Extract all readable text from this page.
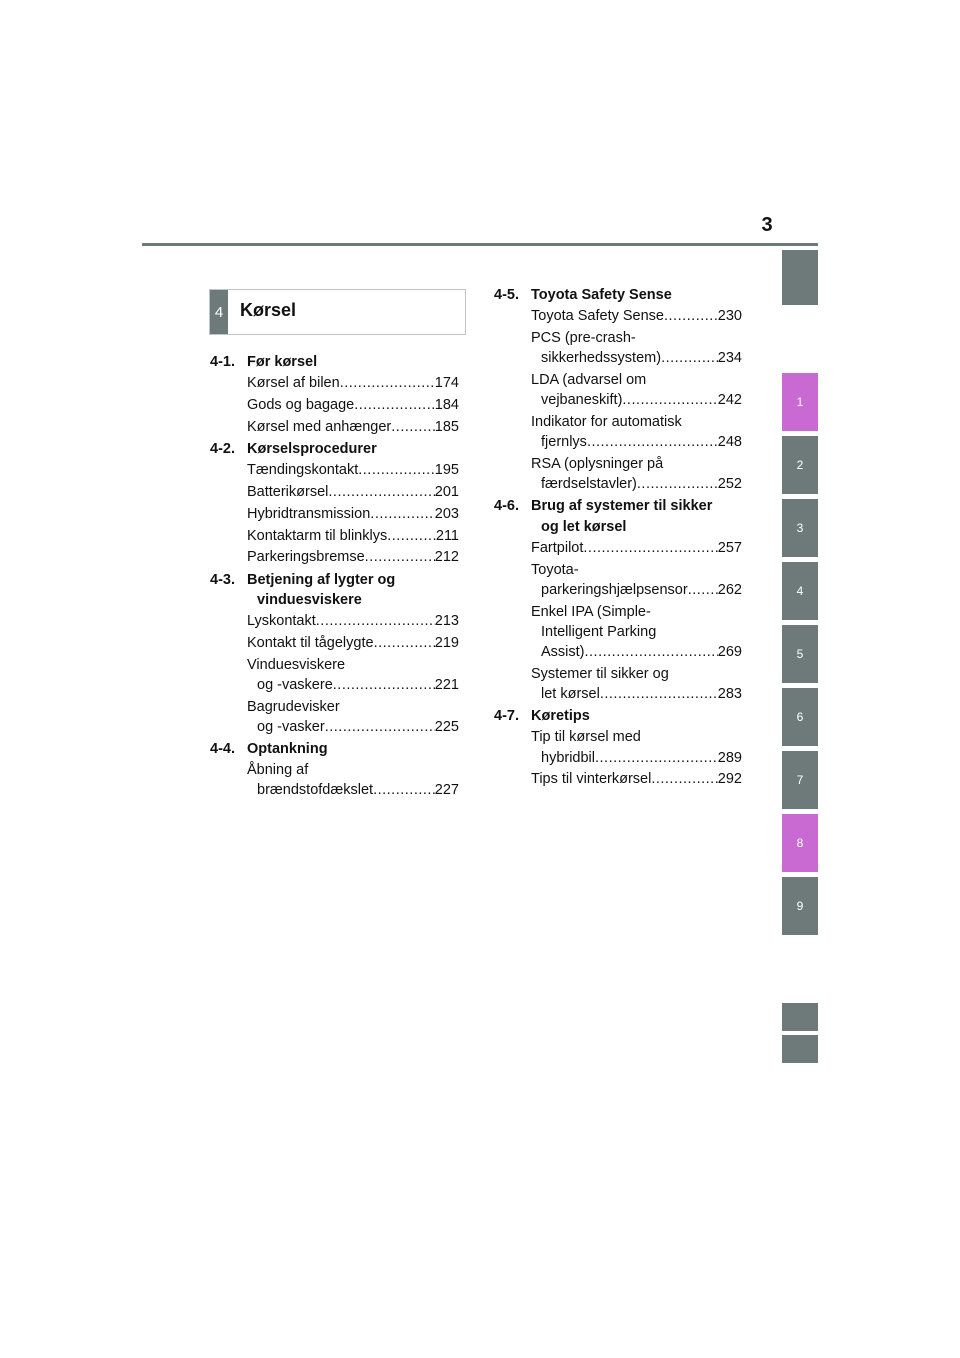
3
1
2
3
4
5
6
7
8
9
4 Kørsel
4-1. Før kørsel
Kørsel af bilen .....	174
Gods og bagage .....	184
Kørsel med anhænger .....	185
4-2. Kørselsprocedurer
Tændingskontakt .....	195
Batterikørsel .....	201
Hybridtransmission .....	203
Kontaktarm til blinklys .....	211
Parkeringsbremse .....	212
4-3. Betjening af lygter og
vinduesviskere
Lyskontakt .....	213
Kontakt til tågelygte .....	219
Vinduesviskere
og -vaskere .....	221
Bagrudevisker
og -vasker .....	225
4-4. Optankning
Åbning af
brændstofdækslet .....	227
4-5. Toyota Safety Sense
Toyota Safety Sense .....	230
PCS (pre-crash-
sikkerhedssystem) .....	234
LDA (advarsel om
vejbaneskift) .....	242
Indikator for automatisk
fjernlys .....	248
RSA (oplysninger på
færdselstavler) .....	252
4-6. Brug af systemer til sikker
og let kørsel
Fartpilot .....	257
Toyota-
parkeringshjælpsensor ..... 262
Enkel IPA (Simple-
Intelligent Parking
Assist) .....	269
Systemer til sikker og
let kørsel .....	283
4-7. Køretips
Tip til kørsel med
hybridbil .....	289
Tips til vinterkørsel .....	292
